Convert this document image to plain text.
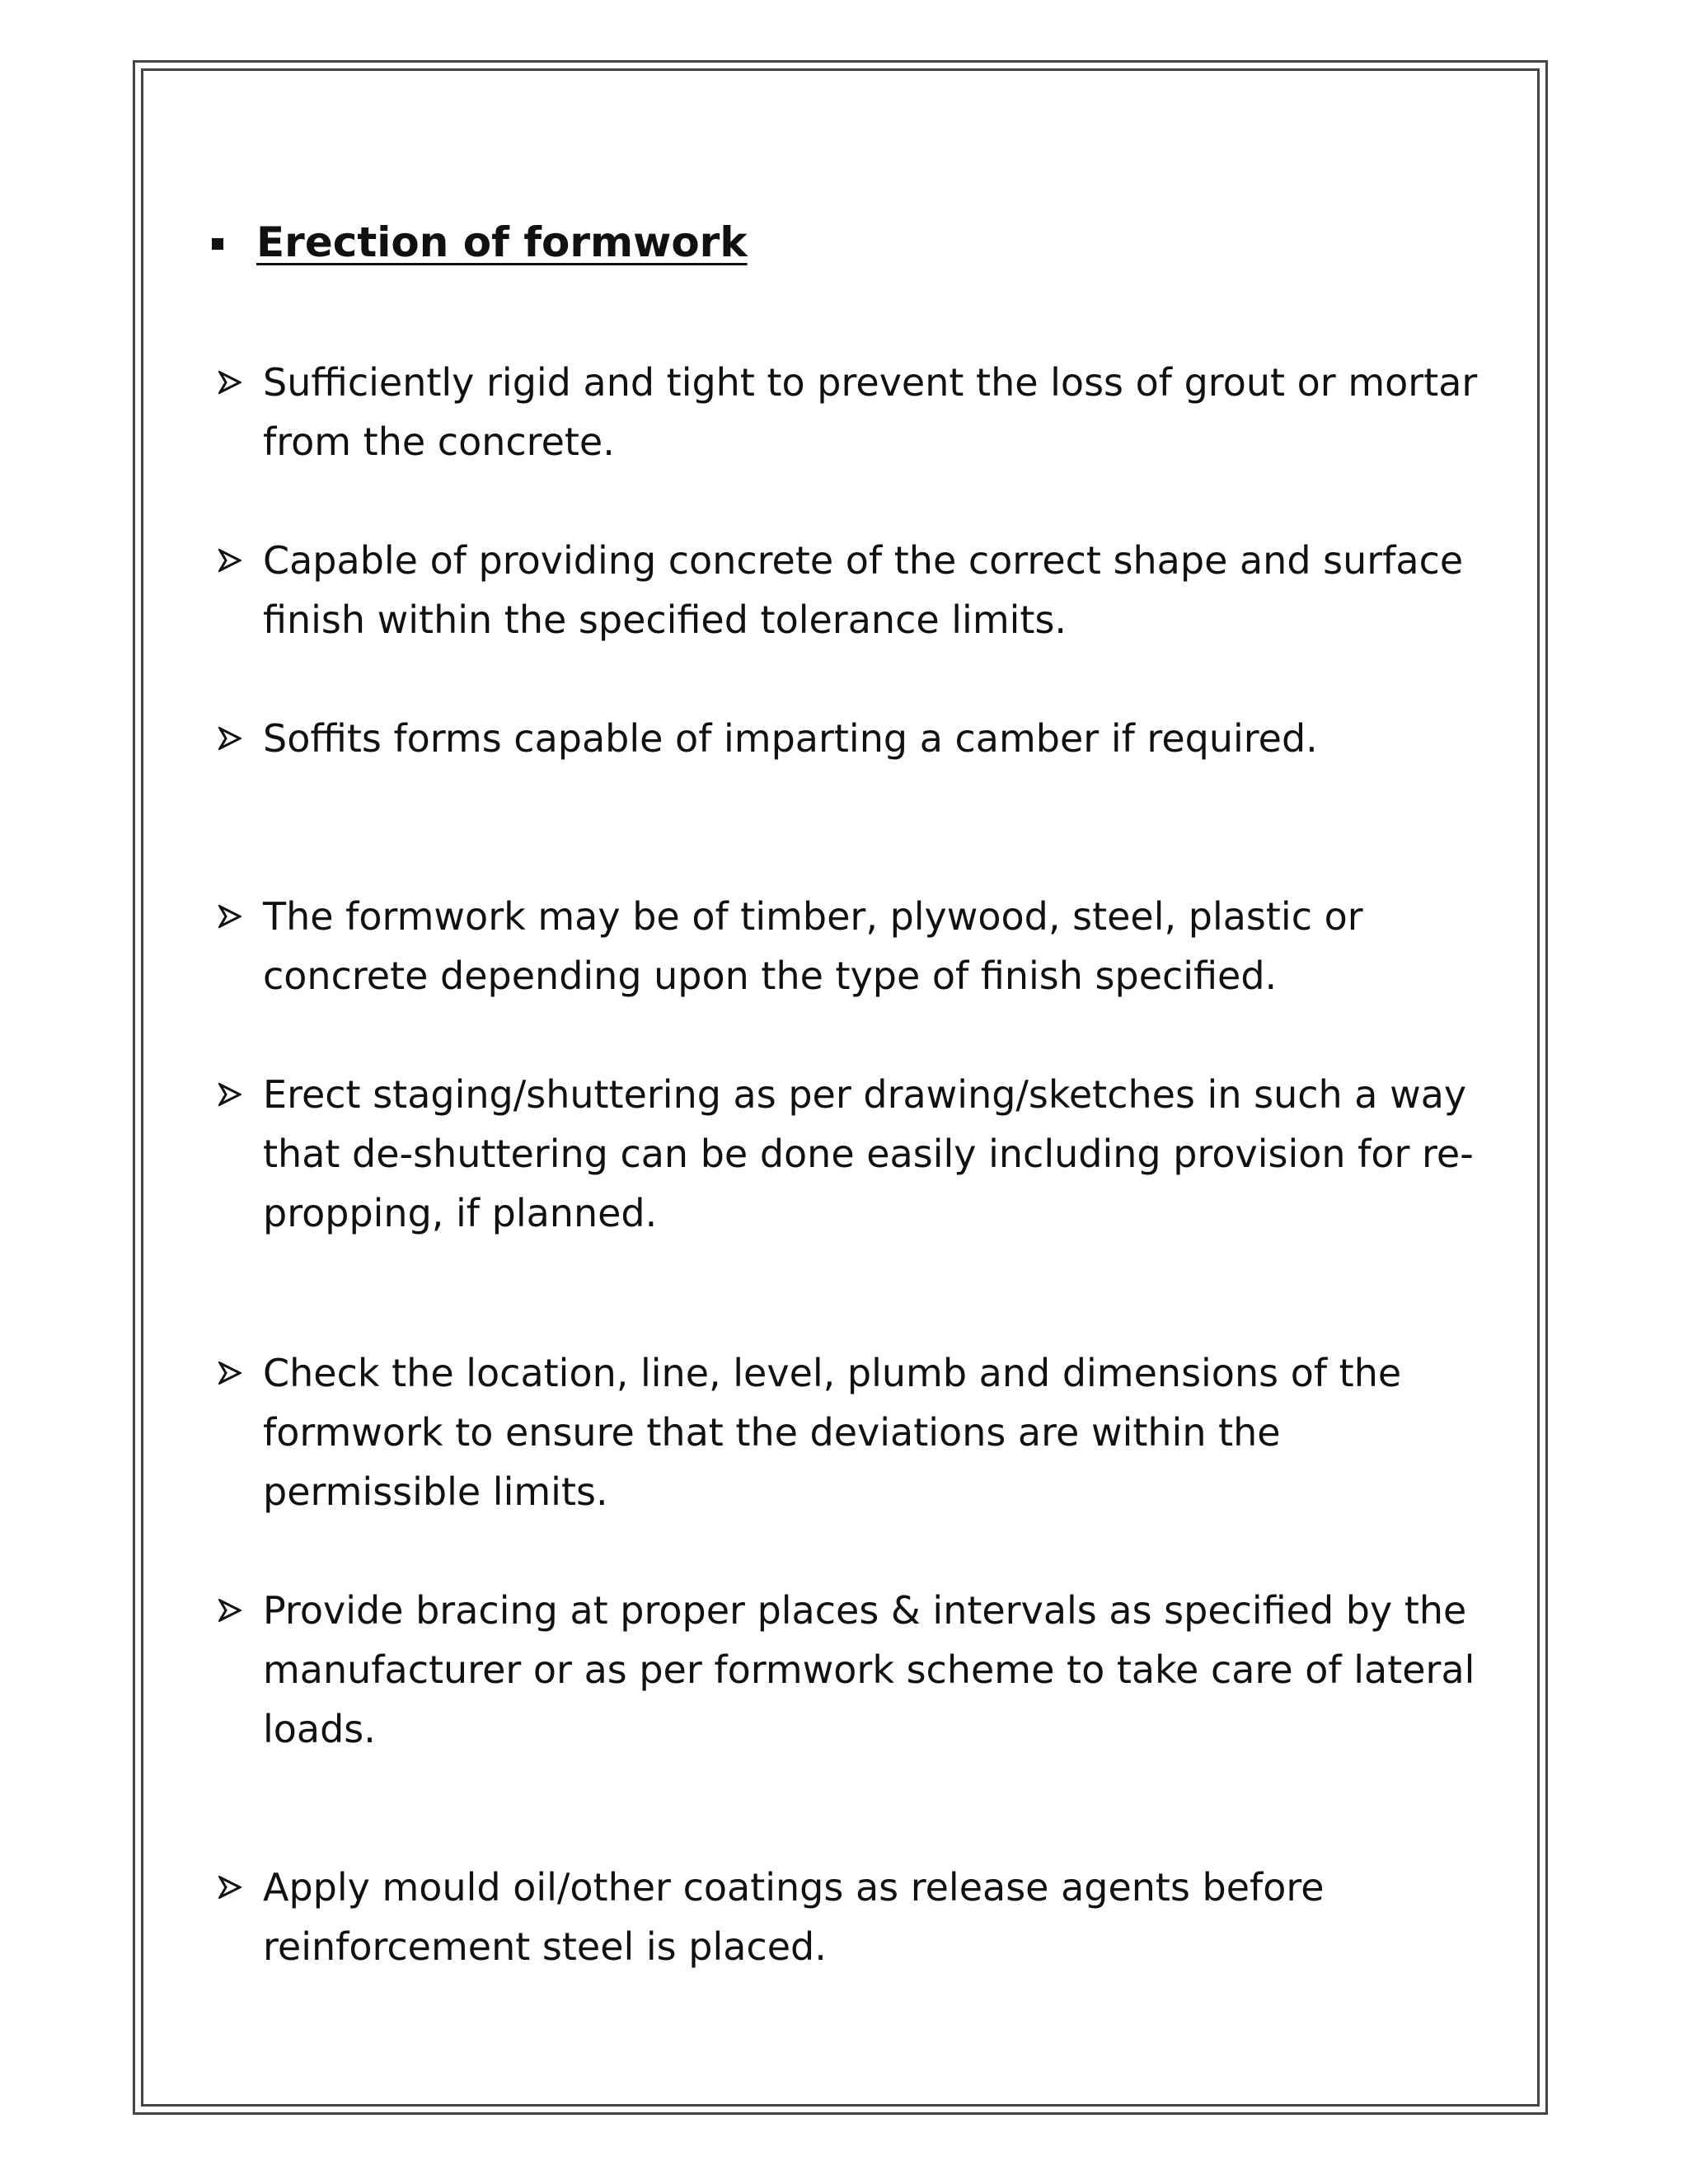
Erection of formwork
Sufficiently rigid and tight to prevent the loss of grout or mortar from the concrete.
Capable of providing concrete of the correct shape and surface finish within the specified tolerance limits.
Soffits forms capable of imparting a camber if required.
The formwork may be of timber, plywood, steel, plastic or concrete depending upon the type of finish specified.
Erect staging/shuttering as per drawing/sketches in such a way that de-shuttering can be done easily including provision for re-propping, if planned.
Check the location, line, level, plumb and dimensions of the formwork to ensure that the deviations are within the permissible limits.
Provide bracing at proper places & intervals as specified by the manufacturer or as per formwork scheme to take care of lateral loads.
Apply mould oil/other coatings as release agents before reinforcement steel is placed.
